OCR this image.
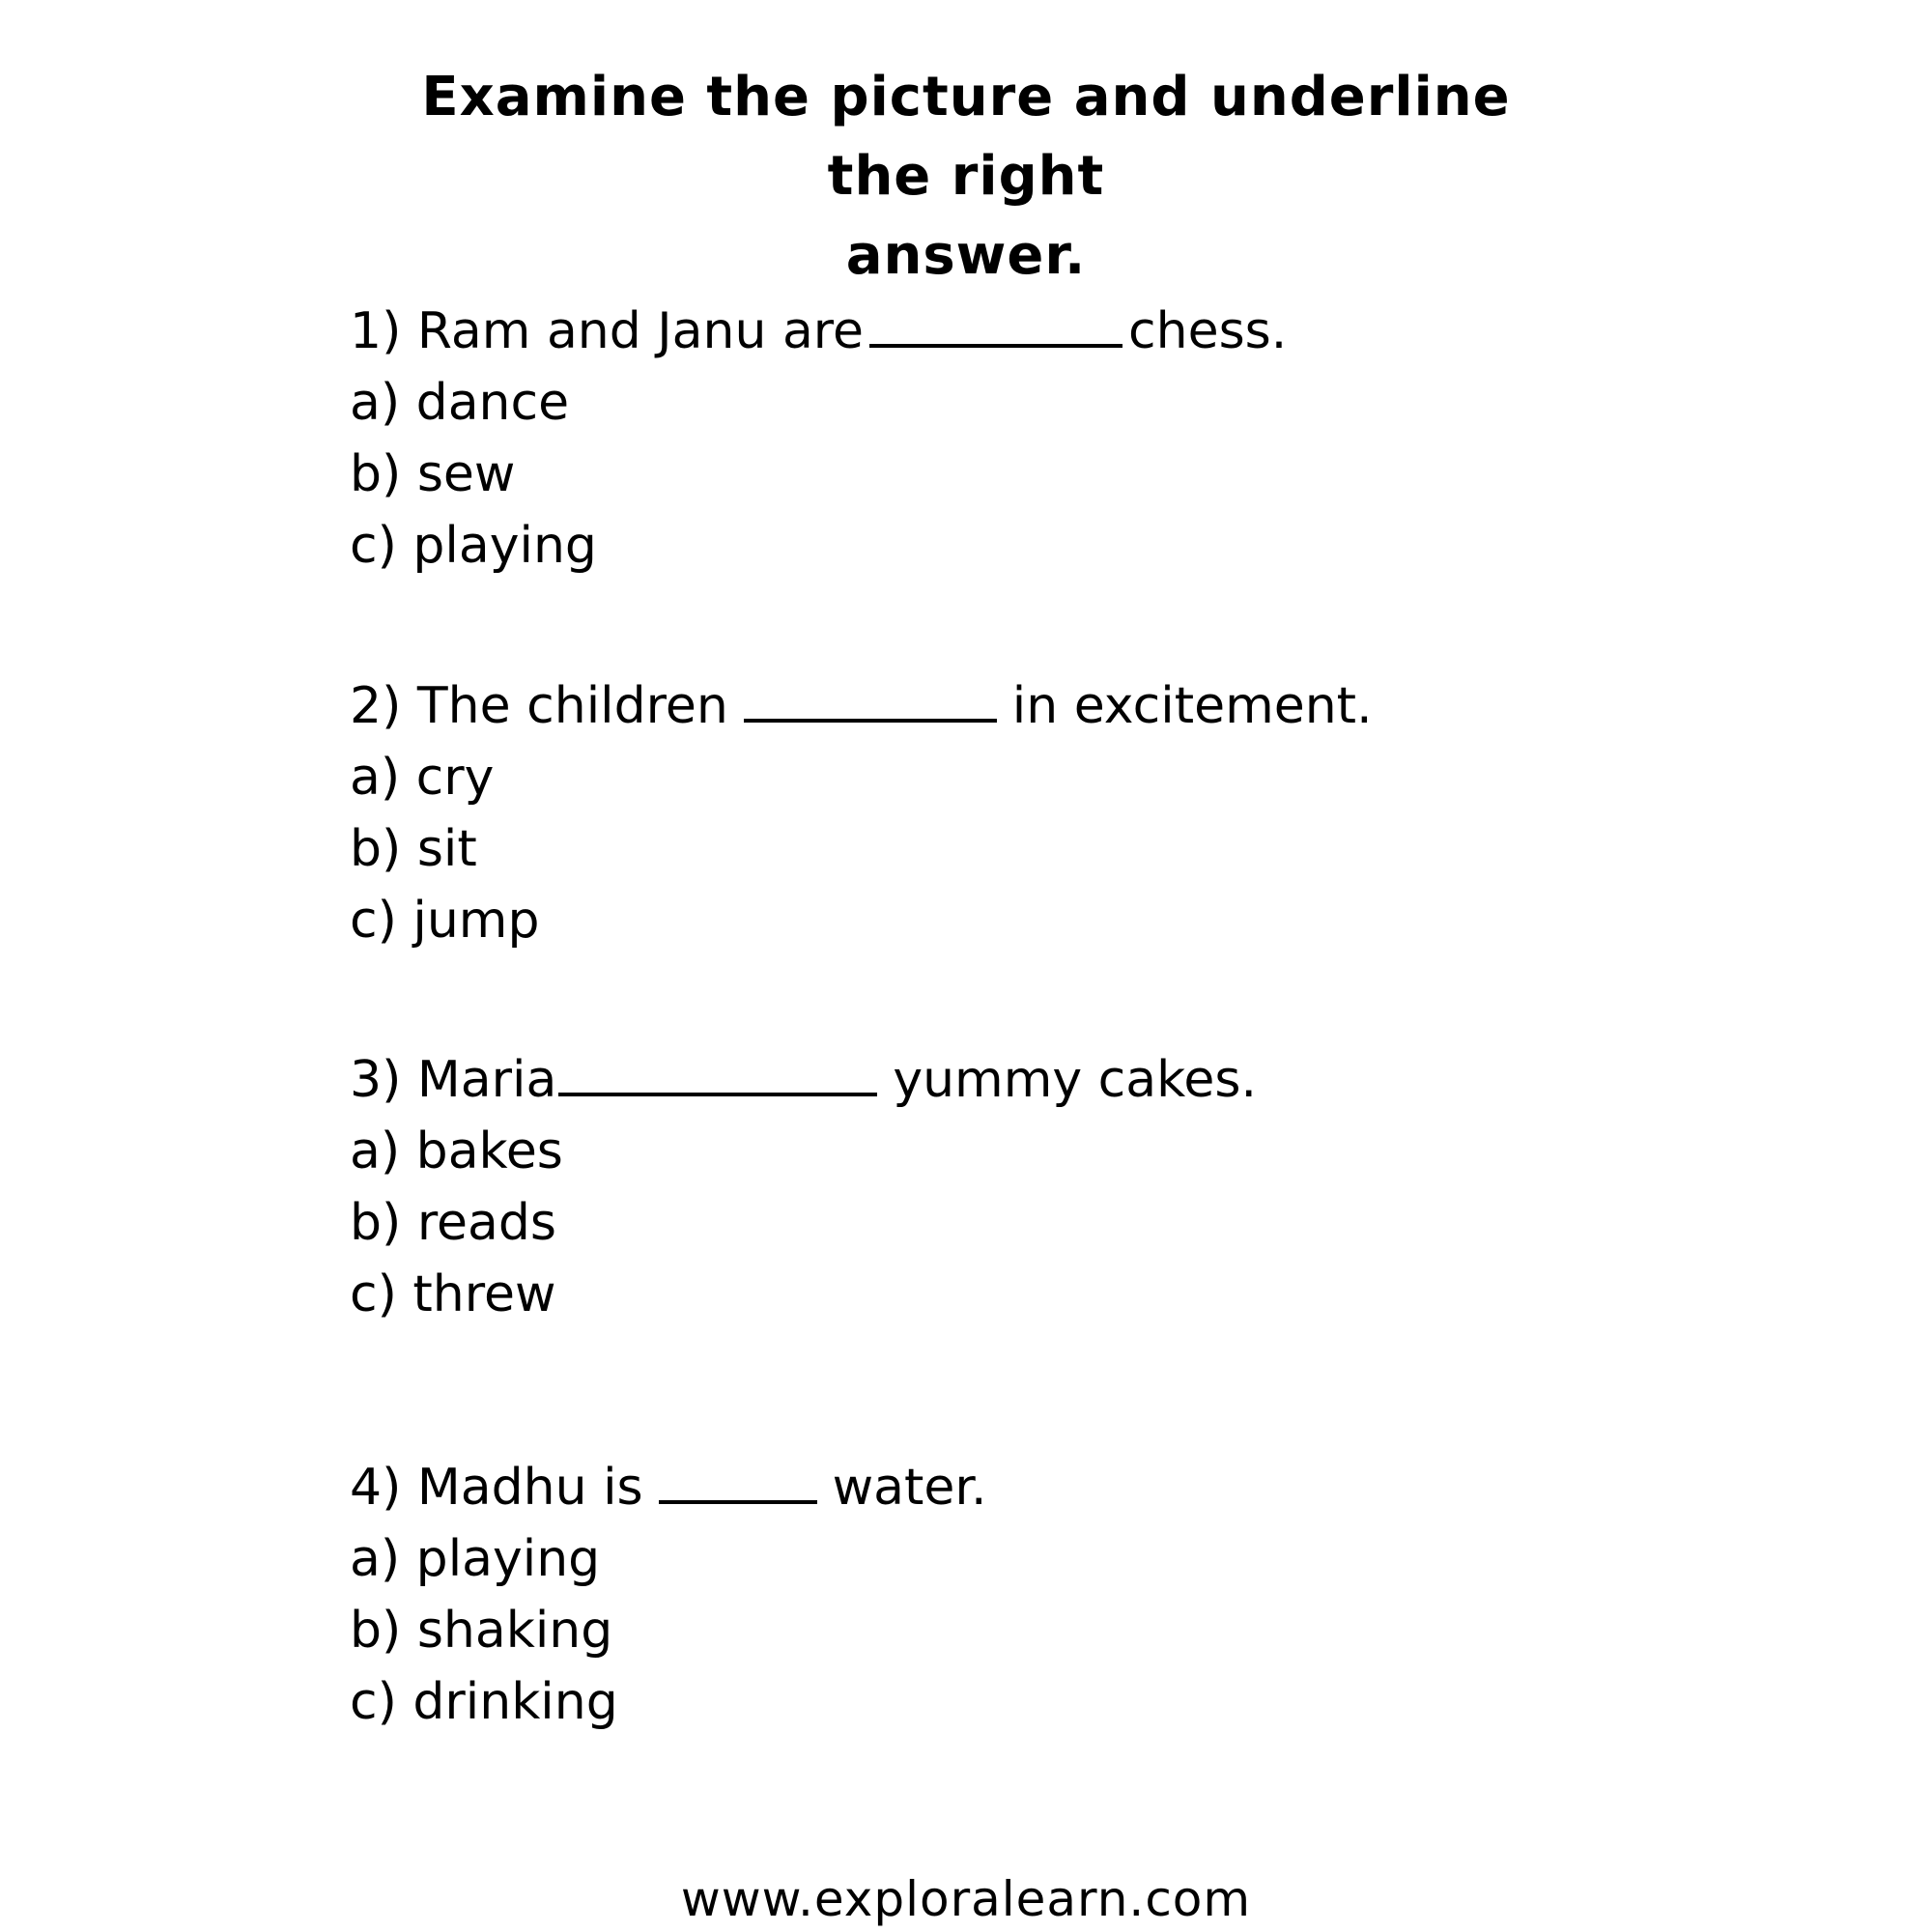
Examine the picture and underline the right
answer.
1) Ram and Janu are	chess.
a) dance
b) sew
c) playing
2) The children	in excitement.
a) cry
b) sit
c) jump
3) Maria	yummy cakes.
a) bakes
b) reads
c) threw
4) Madhu is	water.
a) playing
b) shaking
c) drinking
www.exploralearn.com
